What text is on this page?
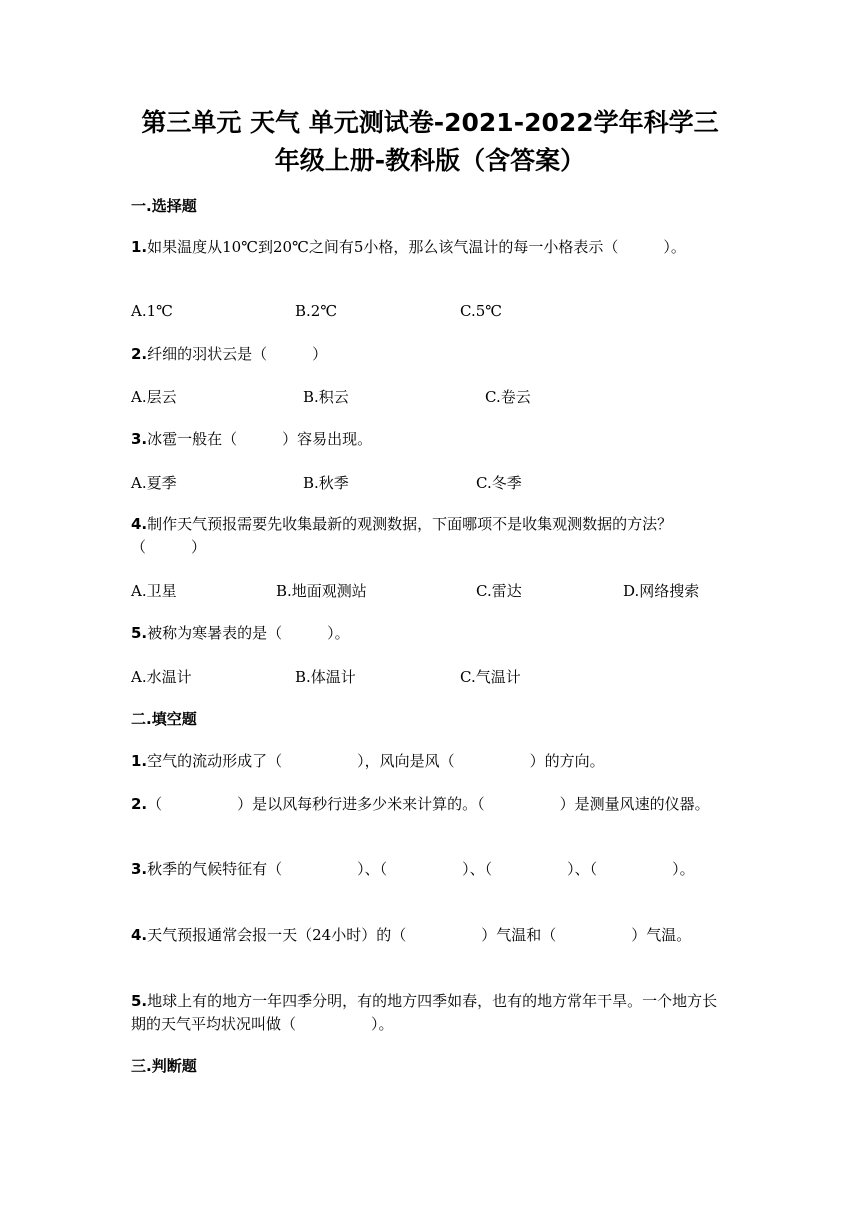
第三单元 天气 单元测试卷-2021-2022学年科学三
年级上册-教科版（含答案）
一.选择题
1.如果温度从10℃到20℃之间有5小格，那么该气温计的每一小格表示（　　　）。
A.1℃	B.2℃	C.5℃
2.纤细的羽状云是（　　　）
A.层云	B.积云	C.卷云
3.冰雹一般在（　　　）容易出现。
A.夏季	B.秋季	C.冬季
4.制作天气预报需要先收集最新的观测数据，下面哪项不是收集观测数据的方法？（　　　）
A.卫星	B.地面观测站	C.雷达	D.网络搜索
5.被称为寒暑表的是（　　　）。
A.水温计	B.体温计	C.气温计
二.填空题
1.空气的流动形成了（　　　　　），风向是风（　　　　　）的方向。
2.（　　　　　）是以风每秒行进多少米来计算的。（　　　　　）是测量风速的仪器。
3.秋季的气候特征有（　　　　　）、（　　　　　）、（　　　　　）、（　　　　　）。
4.天气预报通常会报一天（24小时）的（　　　　　）气温和（　　　　　）气温。
5.地球上有的地方一年四季分明，有的地方四季如春，也有的地方常年干旱。一个地方长期的天气平均状况叫做（　　　　　）。
三.判断题
